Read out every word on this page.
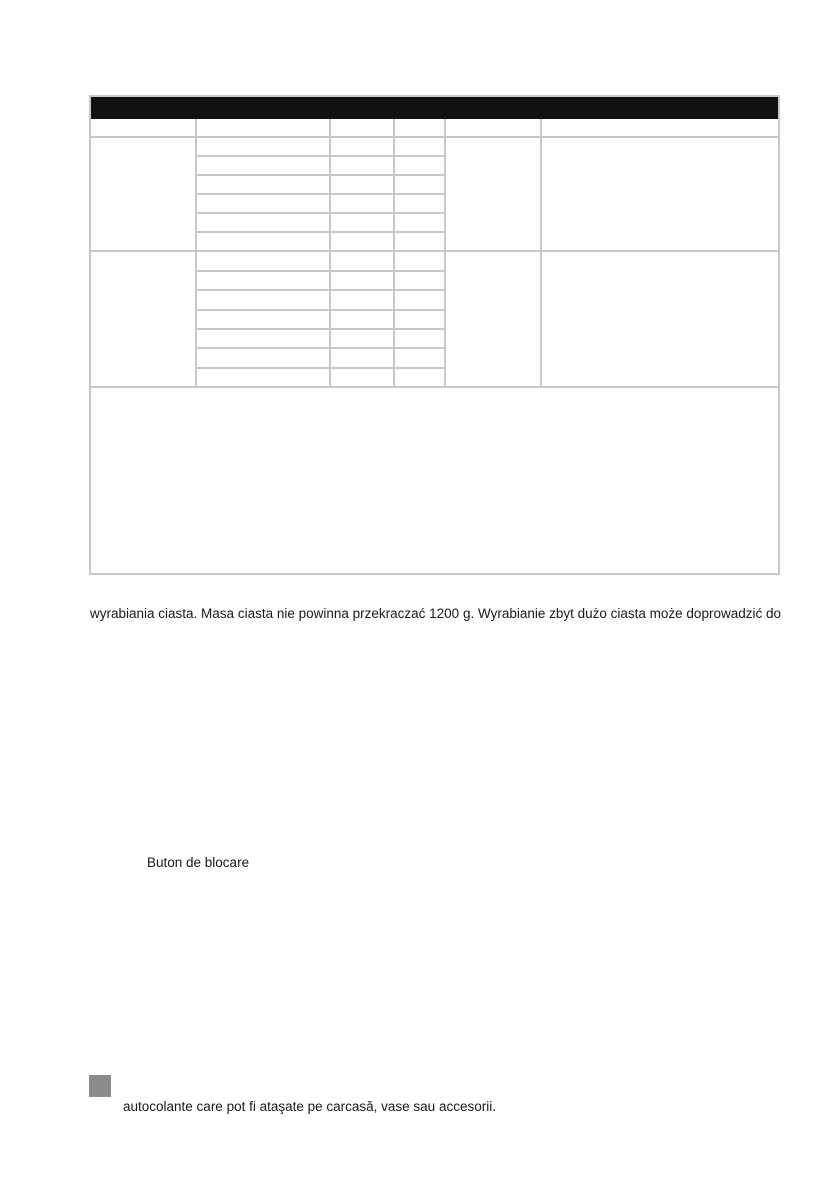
wyrabiania ciasta. Masa ciasta nie powinna przekraczać 1200 g. Wyrabianie zbyt dużo ciasta może doprowadzić do
Buton de blocare
autocolante care pot fi ataşate pe carcasă, vase sau accesorii.
